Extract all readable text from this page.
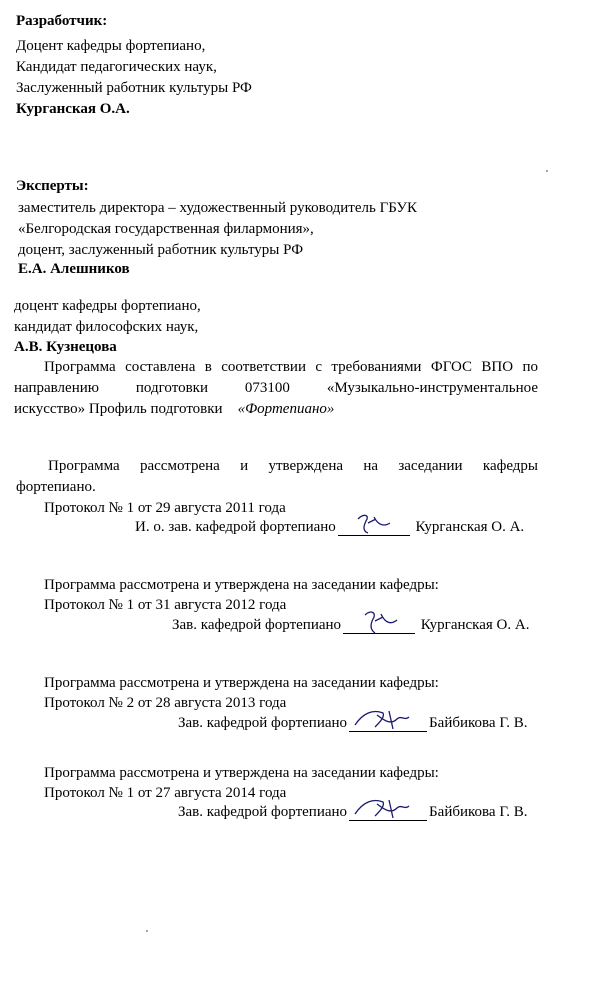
Разработчик:
Доцент кафедры фортепиано,
Кандидат педагогических наук,
Заслуженный работник культуры РФ
Курганская О.А.
Эксперты:
заместитель директора – художественный руководитель ГБУК
«Белгородская государственная филармония»,
доцент, заслуженный работник культуры РФ
Е.А. Алешников
доцент кафедры фортепиано,
кандидат философских наук,
А.В. Кузнецова
Программа составлена в соответствии с требованиями ФГОС ВПО по
направлению подготовки 073100 «Музыкально-инструментальное
искусство» Профиль подготовки «Фортепиано»
Программа рассмотрена и утверждена на заседании кафедры
фортепиано.
Протокол № 1 от 29 августа 2011 года
И. о. зав. кафедрой фортепиано	Курганская О. А.
Программа рассмотрена и утверждена на заседании кафедры:
Протокол № 1 от 31 августа 2012 года
Зав. кафедрой фортепиано	Курганская О. А.
Программа рассмотрена и утверждена на заседании кафедры:
Протокол № 2 от 28 августа 2013 года
Зав. кафедрой фортепиано	Байбикова Г. В.
Программа рассмотрена и утверждена на заседании кафедры:
Протокол № 1 от 27 августа 2014 года
Зав. кафедрой фортепиано	Байбикова Г. В.
